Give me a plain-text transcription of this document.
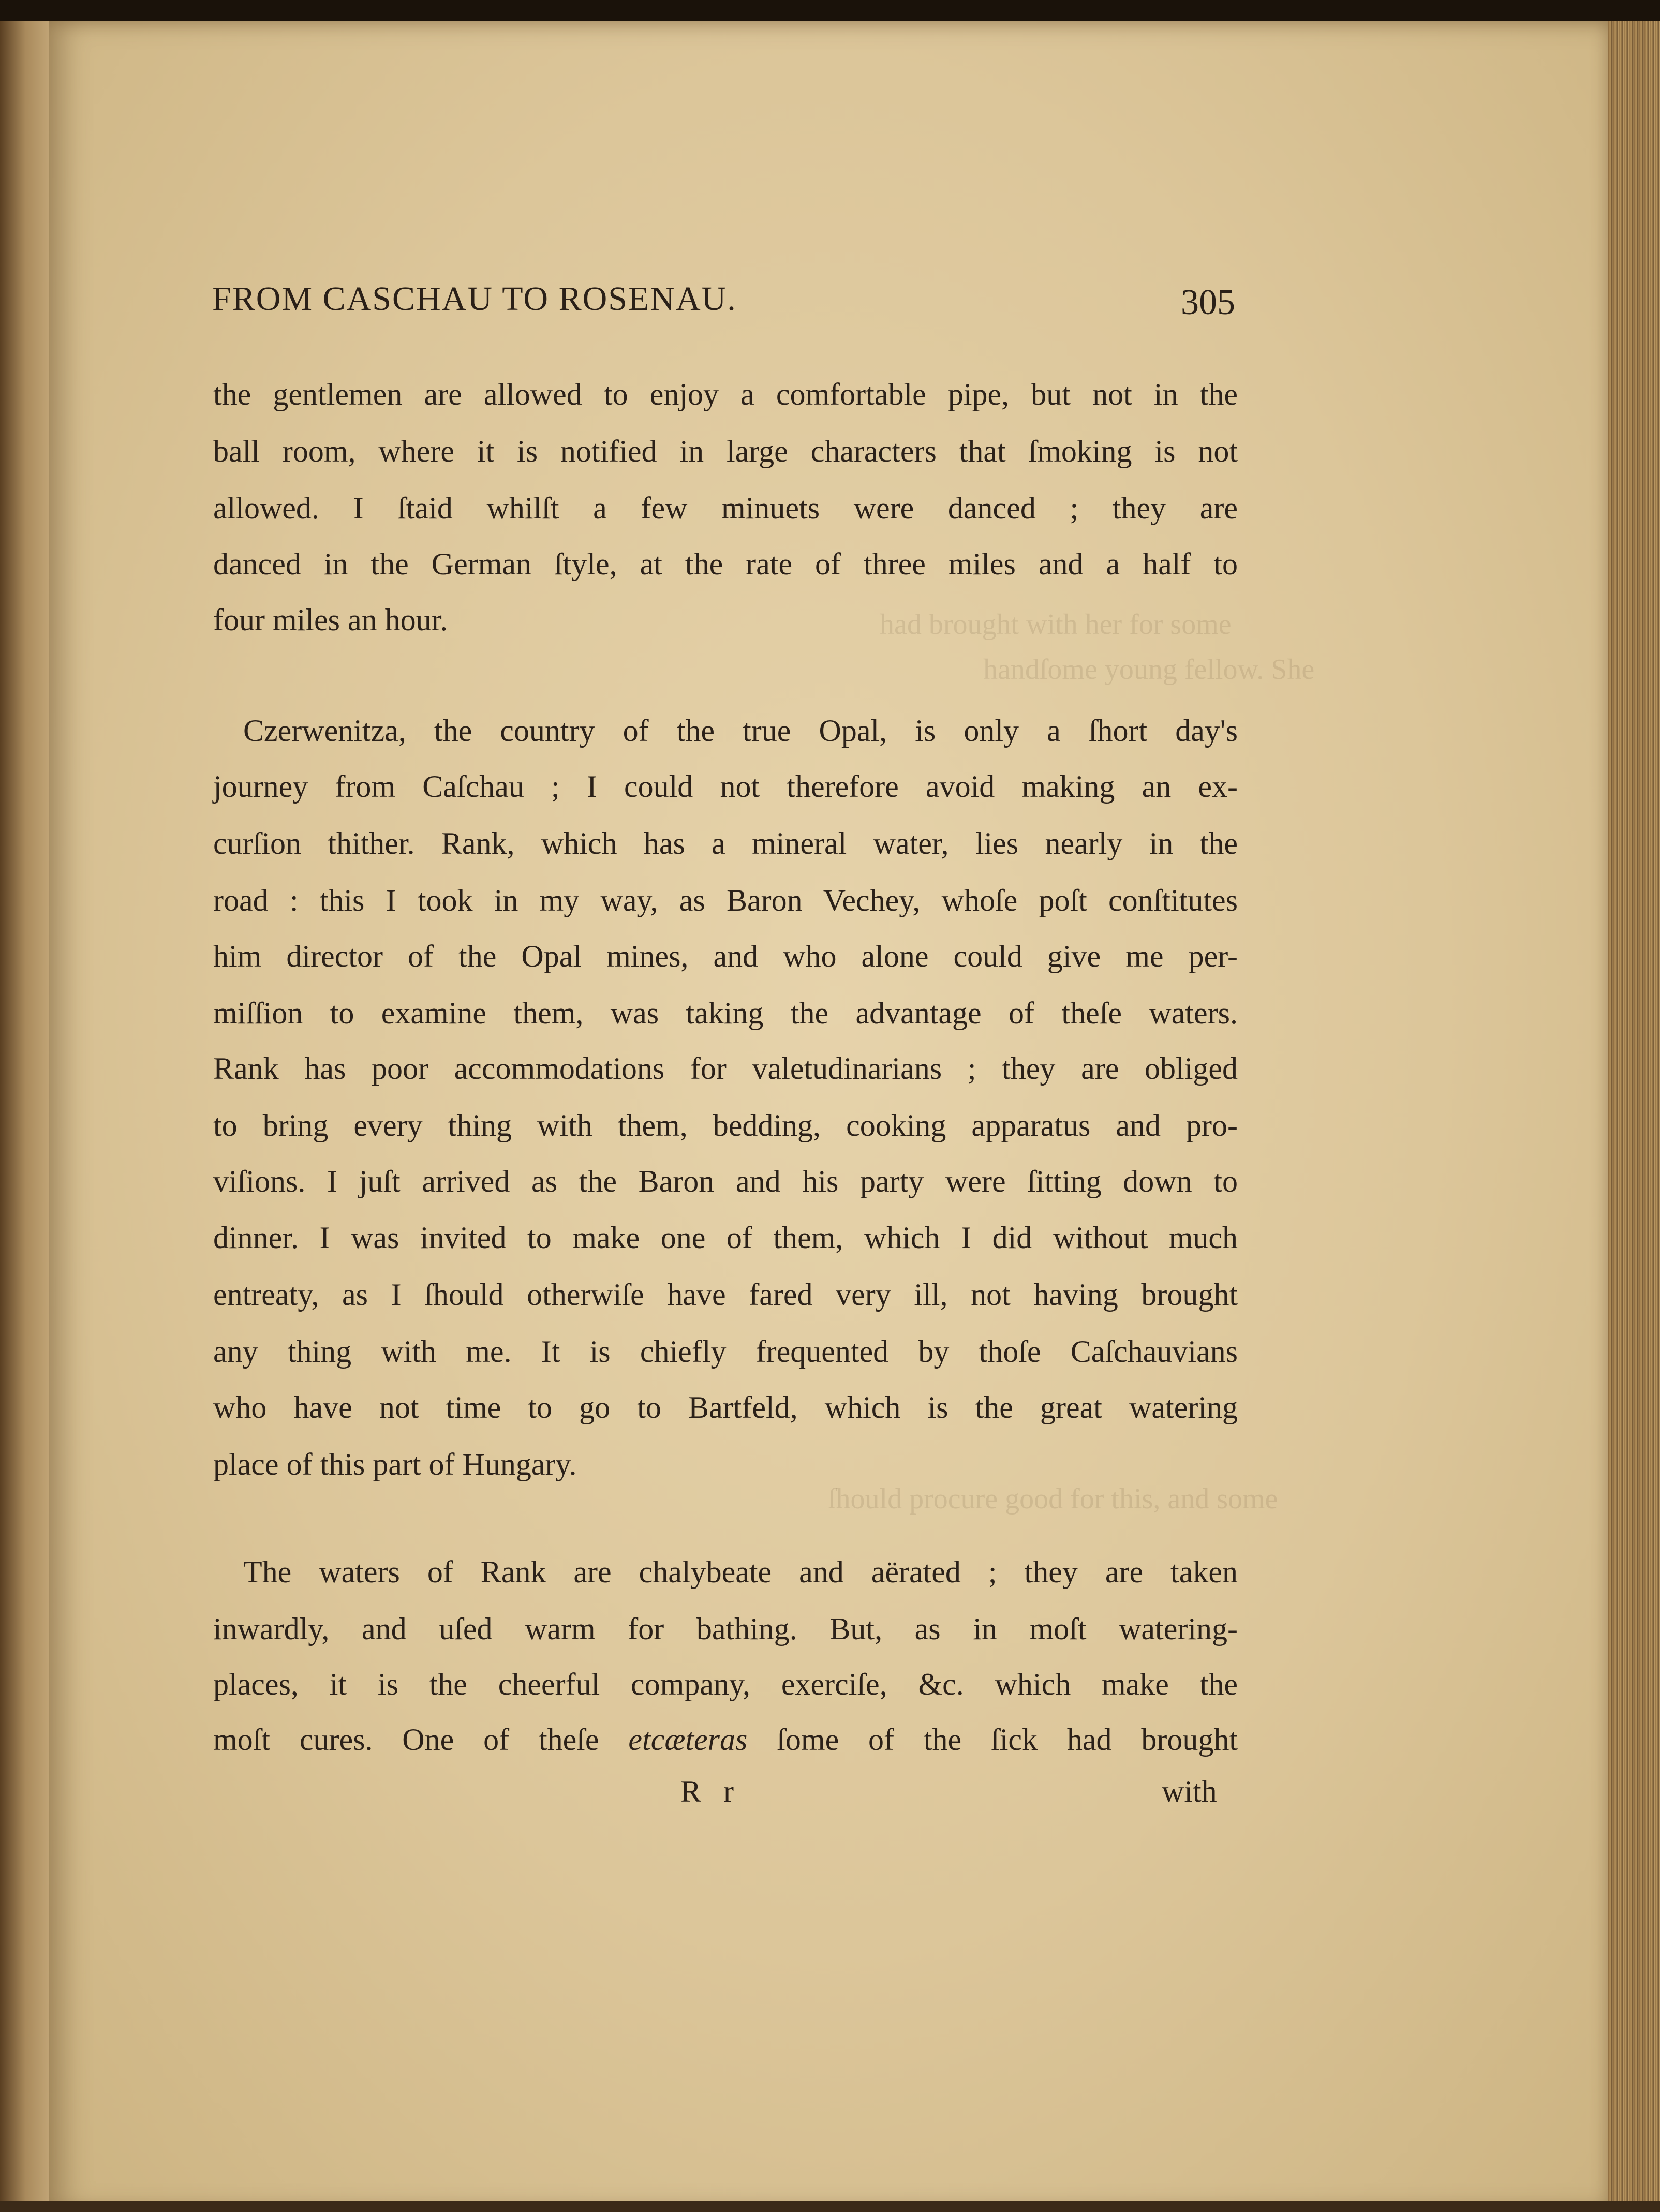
had brought with her for some
handſome young fellow. She
ſhould procure good for this, and some
FROM CASCHAU TO ROSENAU.	305
the gentlemen are allowed to enjoy a comfortable pipe, but not in the
ball room, where it is notified in large characters that ſmoking is not
allowed. I ſtaid whilſt a few minuets were danced ; they are
danced in the German ſtyle, at the rate of three miles and a half to
four miles an hour.
Czerwenitza, the country of the true Opal, is only a ſhort day's
journey from Caſchau ; I could not therefore avoid making an ex-
curſion thither. Rank, which has a mineral water, lies nearly in the
road : this I took in my way, as Baron Vechey, whoſe poſt conſtitutes
him director of the Opal mines, and who alone could give me per-
miſſion to examine them, was taking the advantage of theſe waters.
Rank has poor accommodations for valetudinarians ; they are obliged
to bring every thing with them, bedding, cooking apparatus and pro-
viſions. I juſt arrived as the Baron and his party were ſitting down to
dinner. I was invited to make one of them, which I did without much
entreaty, as I ſhould otherwiſe have fared very ill, not having brought
any thing with me. It is chiefly frequented by thoſe Caſchauvians
who have not time to go to Bartfeld, which is the great watering
place of this part of Hungary.
The waters of Rank are chalybeate and aërated ; they are taken
inwardly, and uſed warm for bathing. But, as in moſt watering-
places, it is the cheerful company, exerciſe, &c. which make the
moſt cures. One of theſe etcæteras ſome of the ſick had brought
R r	with
